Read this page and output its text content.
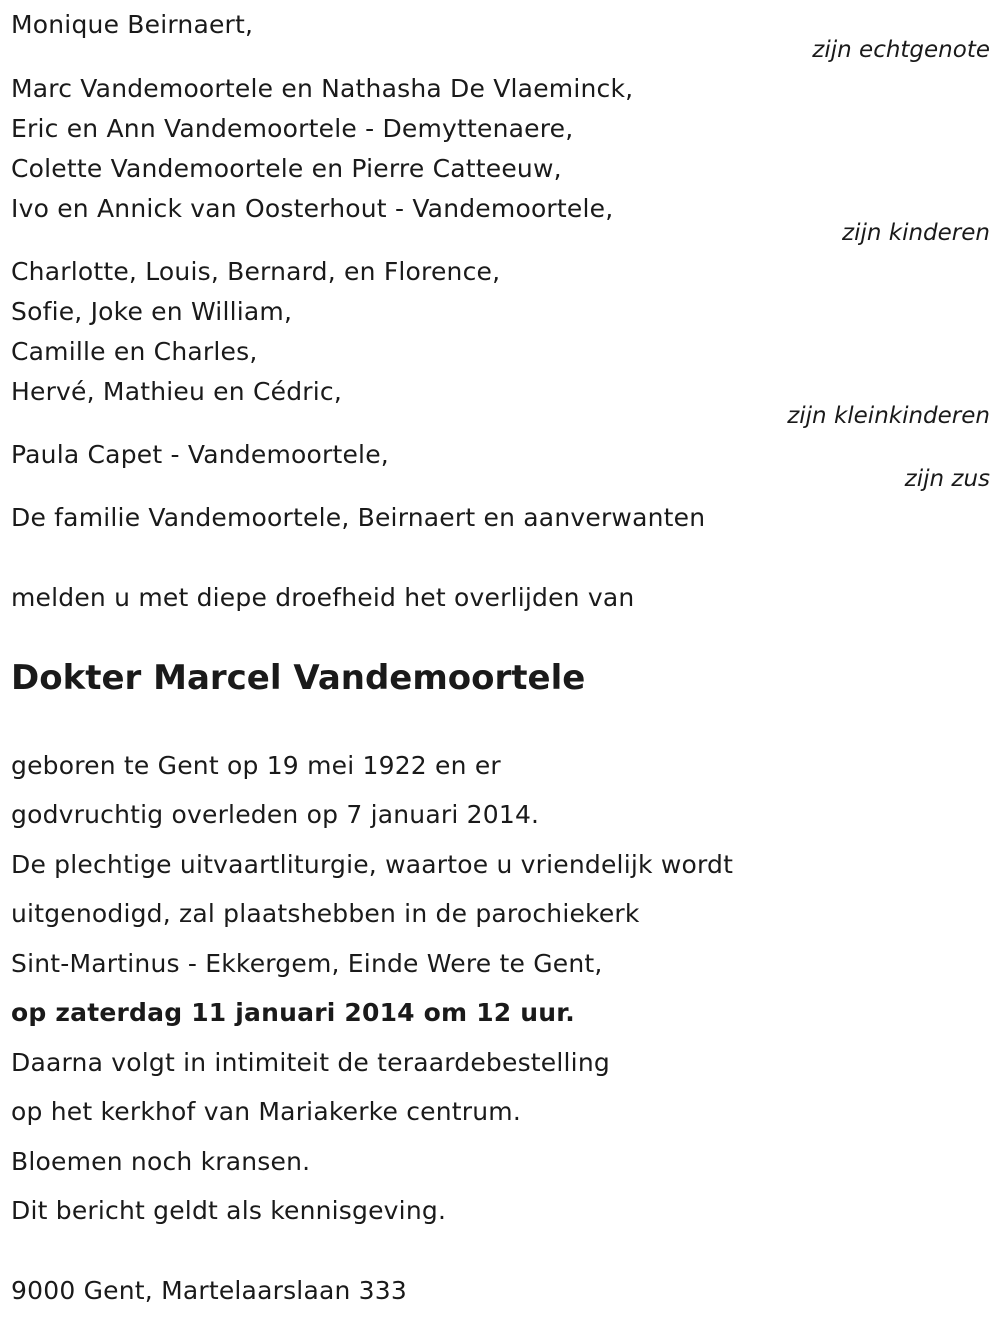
Monique Beirnaert,
zijn echtgenote
Marc Vandemoortele en Nathasha De Vlaeminck,
Eric en Ann Vandemoortele - Demyttenaere,
Colette Vandemoortele en Pierre Catteeuw,
Ivo en Annick van Oosterhout - Vandemoortele,
zijn kinderen
Charlotte, Louis, Bernard, en Florence,
Sofie, Joke en William,
Camille en Charles,
Hervé, Mathieu en Cédric,
zijn kleinkinderen
Paula Capet - Vandemoortele,
zijn zus
De familie Vandemoortele, Beirnaert en aanverwanten
melden u met diepe droefheid het overlijden van
Dokter Marcel Vandemoortele
geboren te Gent op 19 mei 1922 en er
godvruchtig overleden op 7 januari 2014.
De plechtige uitvaartliturgie, waartoe u vriendelijk wordt
uitgenodigd, zal plaatshebben in de parochiekerk
Sint-Martinus - Ekkergem, Einde Were te Gent,
op zaterdag 11 januari 2014 om 12 uur.
Daarna volgt in intimiteit de teraardebestelling
op het kerkhof van Mariakerke centrum.
Bloemen noch kransen.
Dit bericht geldt als kennisgeving.
9000 Gent, Martelaarslaan 333
